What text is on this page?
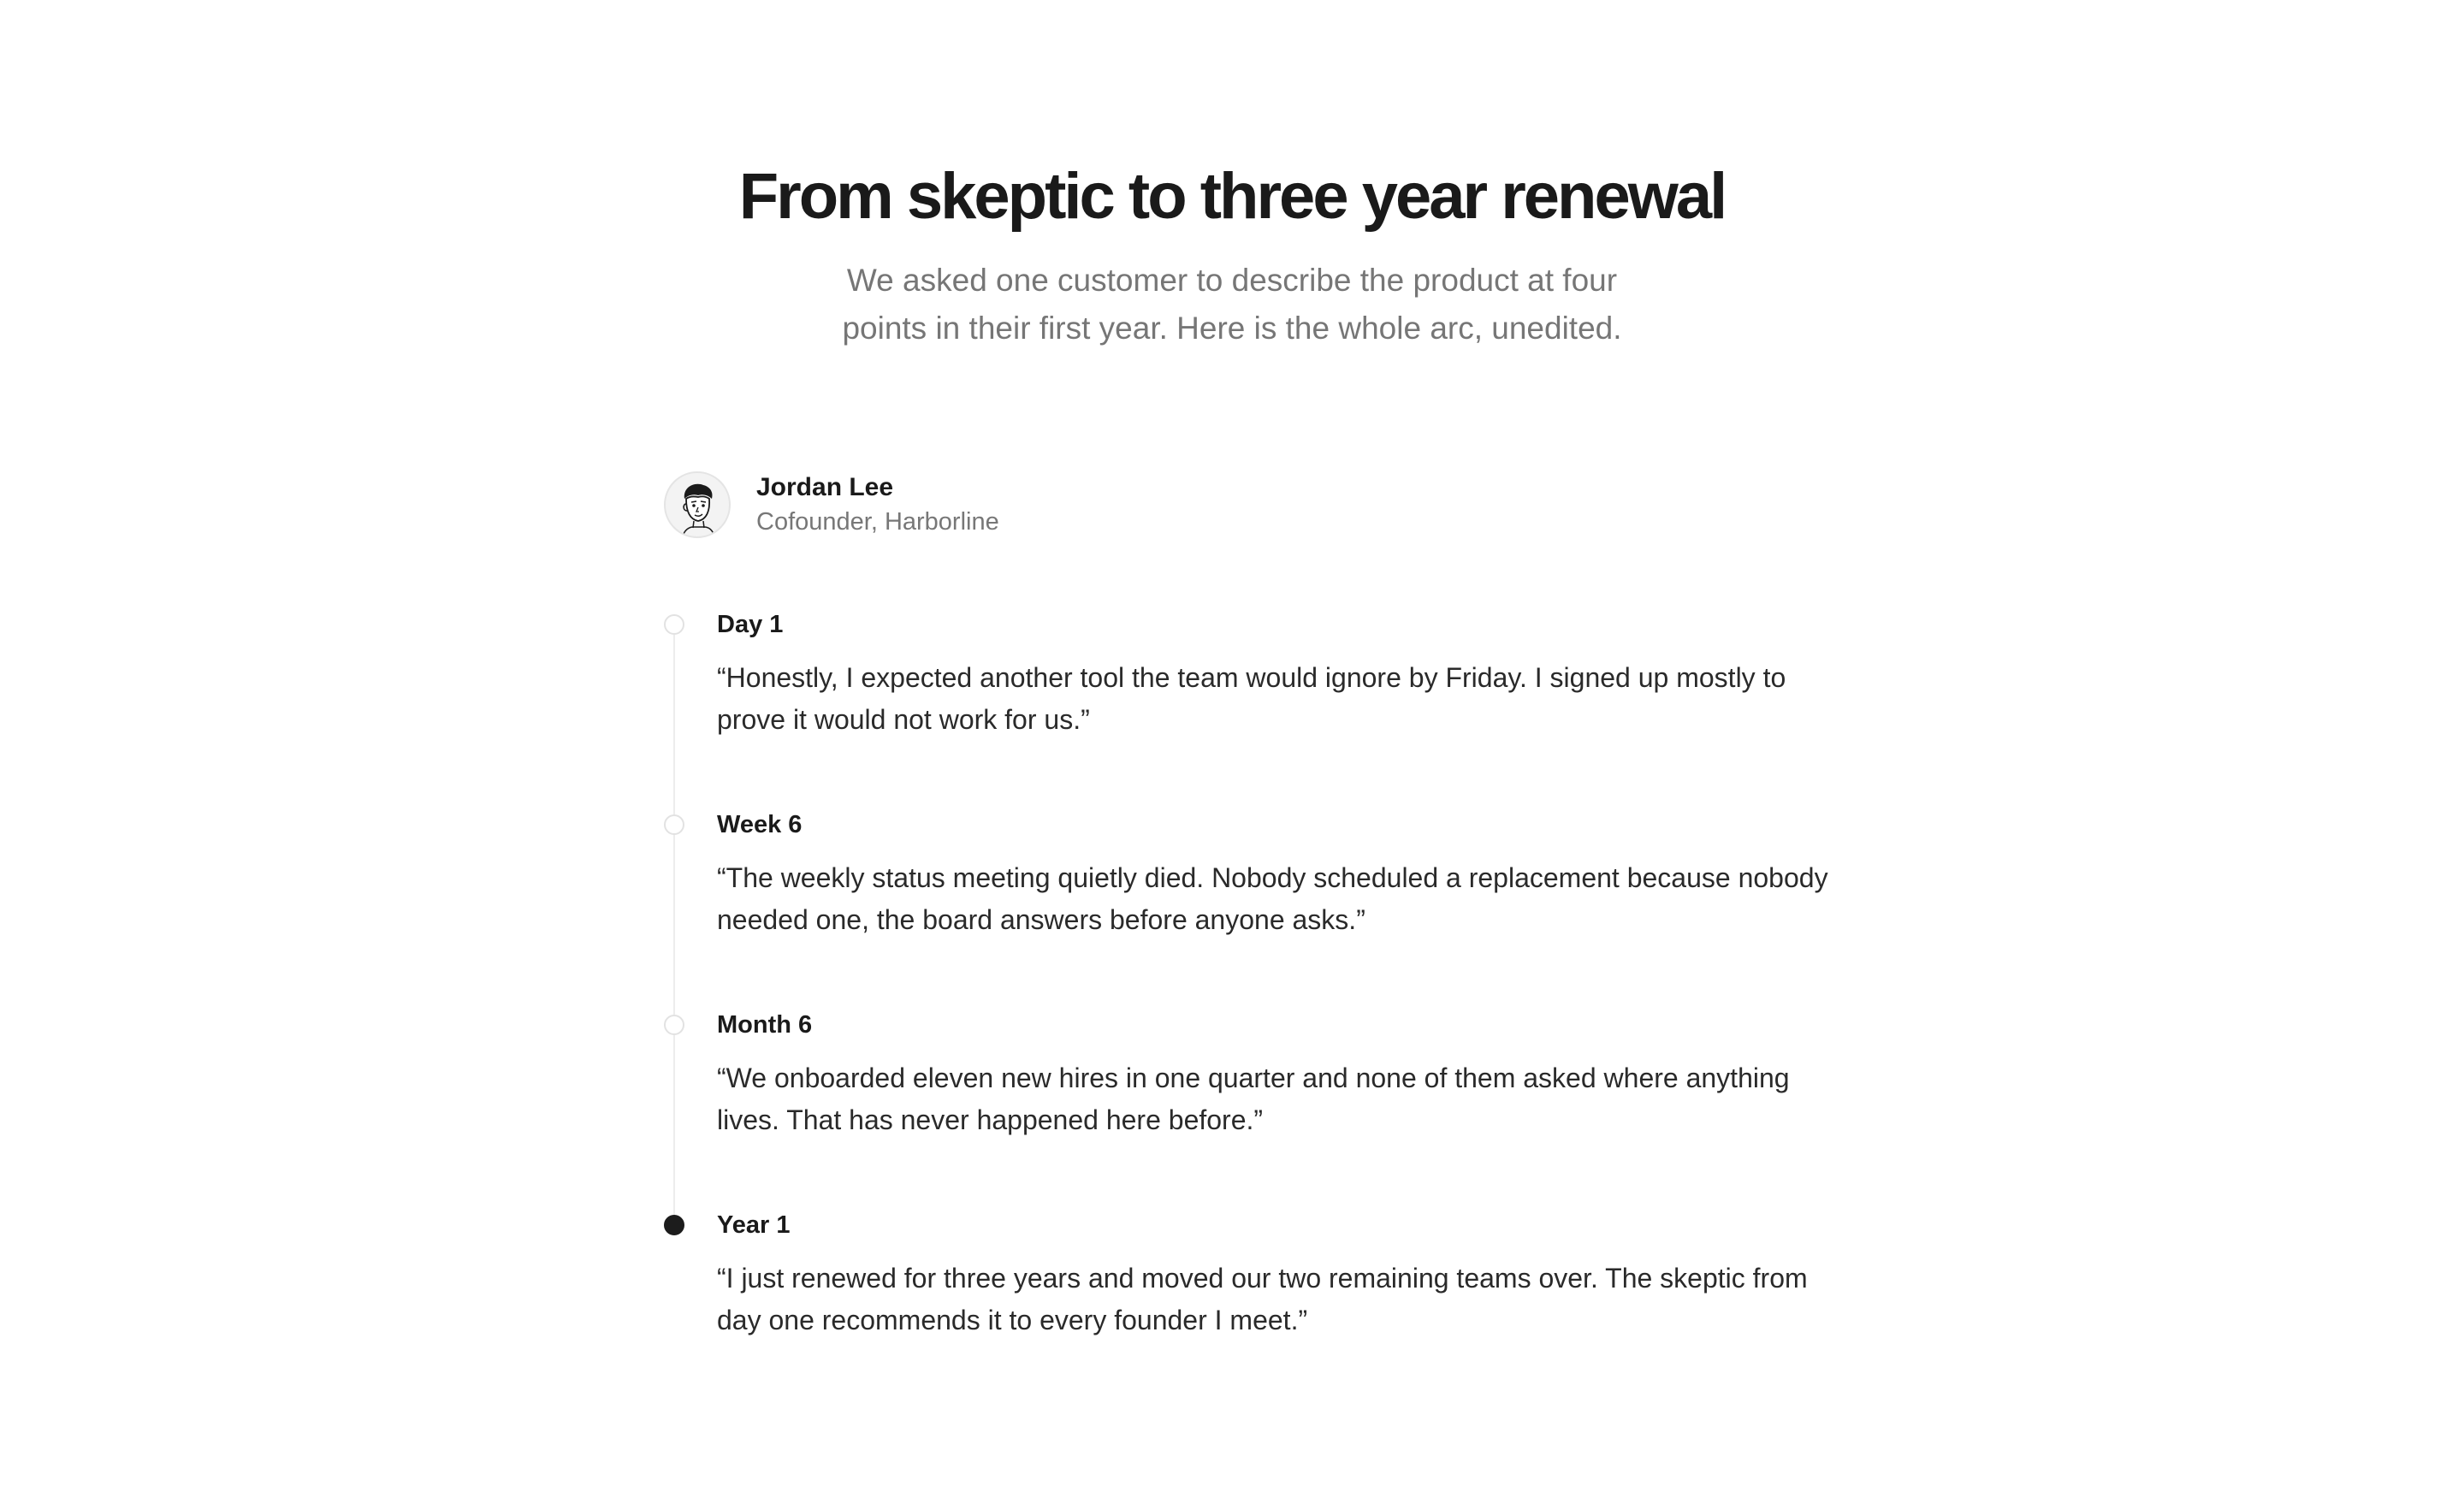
From skeptic to three year renewal

We asked one customer to describe the product at four points in their first year. Here is the whole arc, unedited.

Jordan Lee
Cofounder, Harborline
Day 1

“Honestly, I expected another tool the team would ignore by Friday. I signed up mostly to prove it would not work for us.”

Week 6

“The weekly status meeting quietly died. Nobody scheduled a replacement because nobody needed one, the board answers before anyone asks.”

Month 6

“We onboarded eleven new hires in one quarter and none of them asked where anything lives. That has never happened here before.”

Year 1

“I just renewed for three years and moved our two remaining teams over. The skeptic from day one recommends it to every founder I meet.”
